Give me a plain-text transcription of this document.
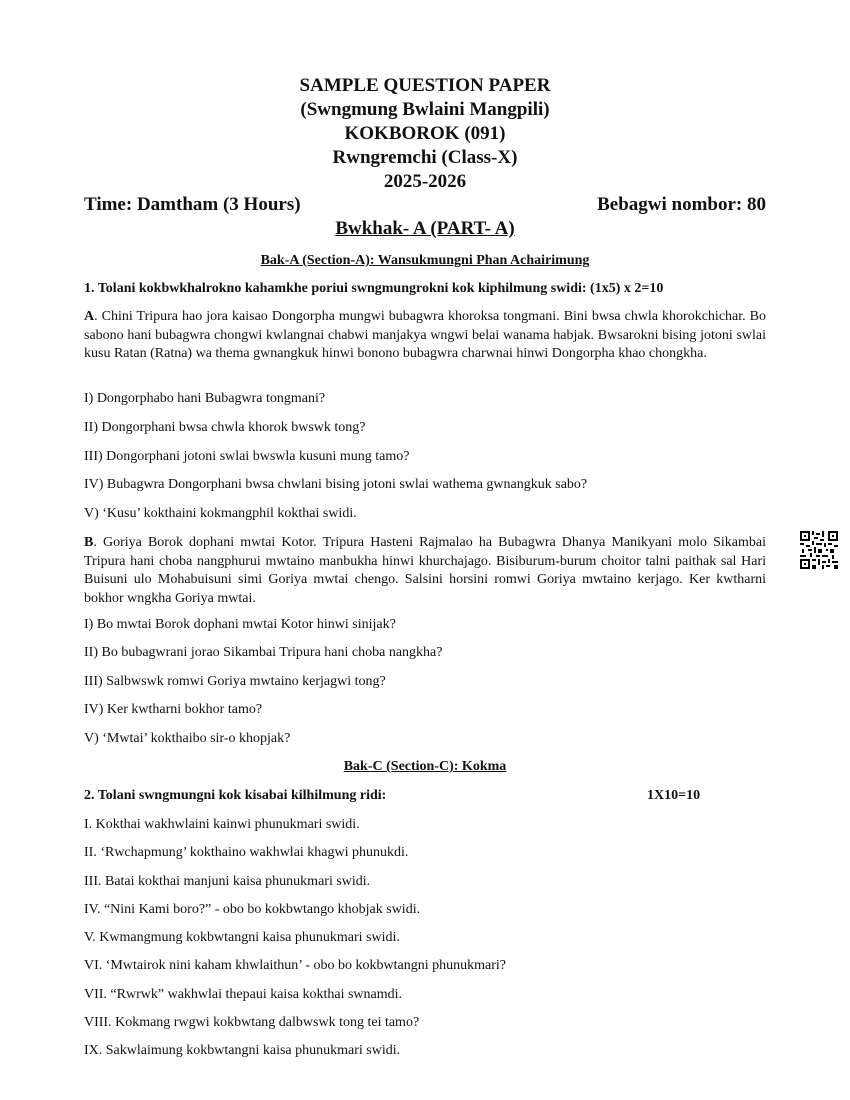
SAMPLE QUESTION PAPER
(Swngmung Bwlaini Mangpili)
KOKBOROK (091)
Rwngremchi (Class-X)
2025-2026
Time: Damtham (3 Hours)	Bebagwi nombor: 80
Bwkhak- A (PART- A)
Bak-A (Section-A): Wansukmungni Phan Achairimung
1. Tolani kokbwkhalrokno kahamkhe poriui swngmungrokni kok kiphilmung swidi: (1x5) x 2=10
A. Chini Tripura hao jora kaisao Dongorpha mungwi bubagwra khoroksa tongmani. Bini bwsa chwla khorokchichar. Bo sabono hani bubagwra chongwi kwlangnai chabwi manjakya wngwi belai wanama habjak. Bwsarokni bising jotoni swlai kusu Ratan (Ratna) wa thema gwnangkuk hinwi bonono bubagwra charwnai hinwi Dongorpha khao chongkha.
I) Dongorphabo hani Bubagwra tongmani?
II) Dongorphani bwsa chwla khorok bwswk tong?
III) Dongorphani jotoni swlai bwswla kusuni mung tamo?
IV) Bubagwra Dongorphani bwsa chwlani bising jotoni swlai wathema gwnangkuk sabo?
V) ‘Kusu’ kokthaini kokmangphil kokthai swidi.
B. Goriya Borok dophani mwtai Kotor. Tripura Hasteni Rajmalao ha Bubagwra Dhanya Manikyani molo Sikambai Tripura hani choba nangphurui mwtaino manbukha hinwi khurchajago. Bisiburum-burum choitor talni paithak sal Hari Buisuni ulo Mohabuisuni simi Goriya mwtai chengo. Salsini horsini romwi Goriya mwtaino kerjago. Ker kwtharni bokhor wngkha Goriya mwtai.
I) Bo mwtai Borok dophani mwtai Kotor hinwi sinijak?
II) Bo bubagwrani jorao Sikambai Tripura hani choba nangkha?
III) Salbwswk romwi Goriya mwtaino kerjagwi tong?
IV) Ker kwtharni bokhor tamo?
V) ‘Mwtai’ kokthaibo sir-o khopjak?
Bak-C (Section-C): Kokma
2. Tolani swngmungni kok kisabai kilhilmung ridi:	1X10=10
I. Kokthai wakhwlaini kainwi phunukmari swidi.
II. ‘Rwchapmung’ kokthaino wakhwlai khagwi phunukdi.
III. Batai kokthai manjuni kaisa phunukmari swidi.
IV. “Nini Kami boro?” - obo bo kokbwtango khobjak swidi.
V. Kwmangmung kokbwtangni kaisa phunukmari swidi.
VI. ‘Mwtairok nini kaham khwlaithun’ - obo bo kokbwtangni phunukmari?
VII. “Rwrwk” wakhwlai thepaui kaisa kokthai swnamdi.
VIII. Kokmang rwgwi kokbwtang dalbwswk tong tei tamo?
IX. Sakwlaimung kokbwtangni kaisa phunukmari swidi.
